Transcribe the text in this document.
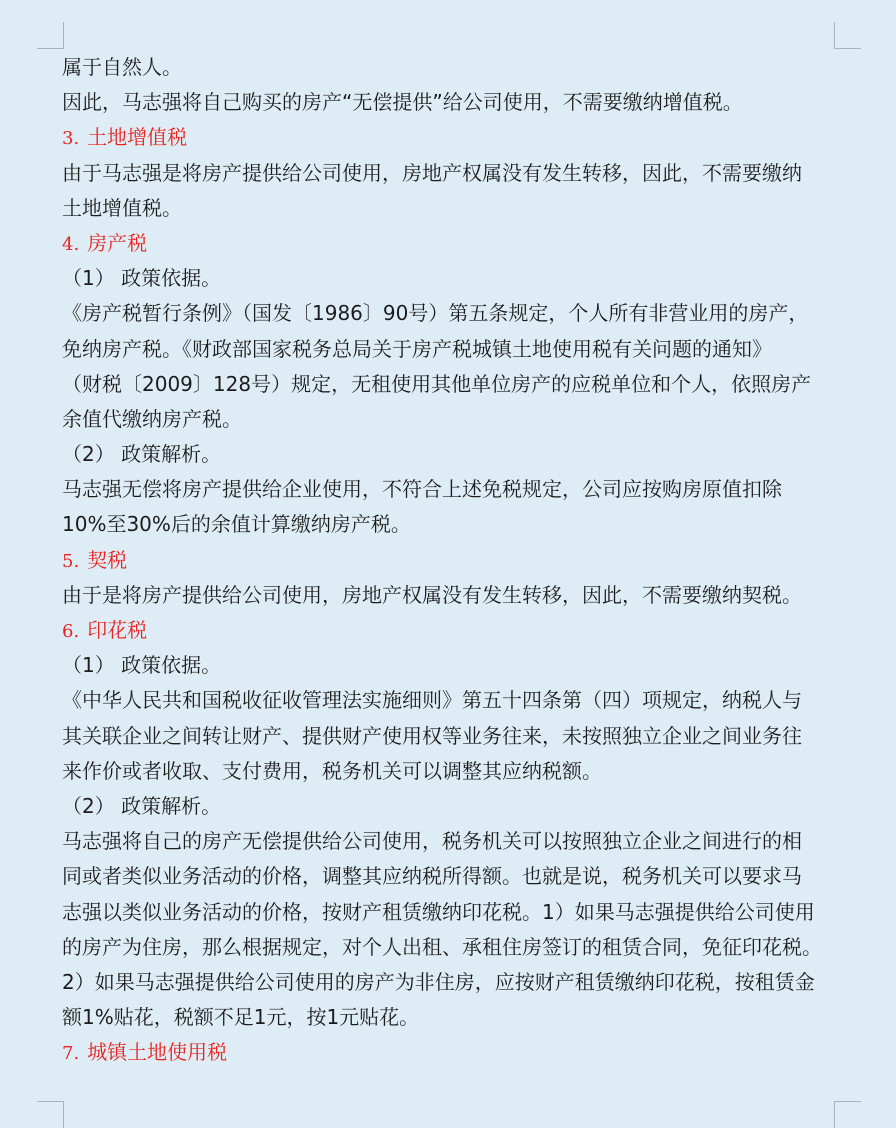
属于自然人。
因此，马志强将自己购买的房产“无偿提供”给公司使用，不需要缴纳增值税。
3. 土地增值税
由于马志强是将房产提供给公司使用，房地产权属没有发生转移，因此，不需要缴纳
土地增值税。
4. 房产税
（1） 政策依据。
《房产税暂行条例》（国发〔1986〕90号）第五条规定，个人所有非营业用的房产，
免纳房产税。《财政部国家税务总局关于房产税城镇土地使用税有关问题的通知》
（财税〔2009〕128号）规定，无租使用其他单位房产的应税单位和个人，依照房产
余值代缴纳房产税。
（2） 政策解析。
马志强无偿将房产提供给企业使用，不符合上述免税规定，公司应按购房原值扣除
10%至30%后的余值计算缴纳房产税。
5. 契税
由于是将房产提供给公司使用，房地产权属没有发生转移，因此，不需要缴纳契税。
6. 印花税
（1） 政策依据。
《中华人民共和国税收征收管理法实施细则》第五十四条第（四）项规定，纳税人与
其关联企业之间转让财产、提供财产使用权等业务往来，未按照独立企业之间业务往
来作价或者收取、支付费用，税务机关可以调整其应纳税额。
（2） 政策解析。
马志强将自己的房产无偿提供给公司使用，税务机关可以按照独立企业之间进行的相
同或者类似业务活动的价格，调整其应纳税所得额。也就是说，税务机关可以要求马
志强以类似业务活动的价格，按财产租赁缴纳印花税。1）如果马志强提供给公司使用
的房产为住房，那么根据规定，对个人出租、承租住房签订的租赁合同，免征印花税。
2）如果马志强提供给公司使用的房产为非住房，应按财产租赁缴纳印花税，按租赁金
额1%贴花，税额不足1元，按1元贴花。
7. 城镇土地使用税
